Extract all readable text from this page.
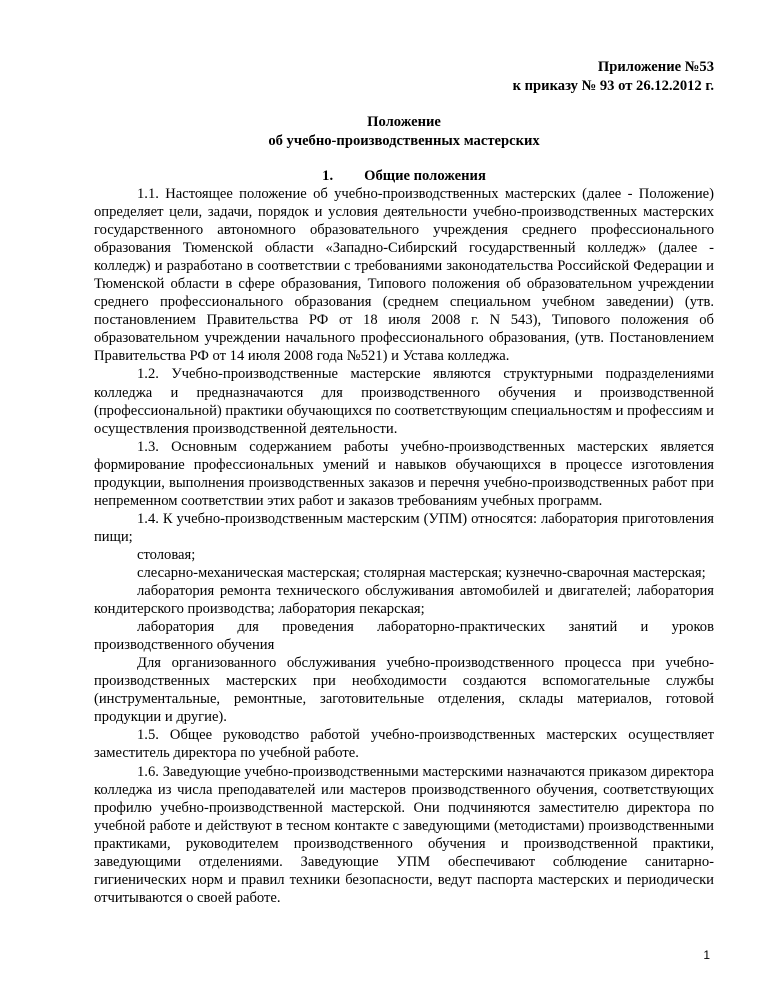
Приложение №53
к приказу № 93 от 26.12.2012 г.
Положение
об учебно-производственных мастерских
1. Общие положения

1.1. Настоящее положение об учебно-производственных мастерских (далее - Положение) определяет цели, задачи, порядок и условия деятельности учебно-производственных мастерских государственного автономного образовательного учреждения среднего профессионального образования Тюменской области «Западно-Сибирский государственный колледж» (далее - колледж) и разработано в соответствии с требованиями законодательства Российской Федерации и Тюменской области в сфере образования, Типового положения об образовательном учреждении среднего профессионального образования (среднем специальном учебном заведении) (утв. постановлением Правительства РФ от 18 июля 2008 г. N 543), Типового положения об образовательном учреждении начального профессионального образования, (утв. Постановлением Правительства РФ от 14 июля 2008 года №521) и Устава колледжа.

1.2. Учебно-производственные мастерские являются структурными подразделениями колледжа и предназначаются для производственного обучения и производственной (профессиональной) практики обучающихся по соответствующим специальностям и профессиям и осуществления производственной деятельности.

1.3. Основным содержанием работы учебно-производственных мастерских является формирование профессиональных умений и навыков обучающихся в процессе изготовления продукции, выполнения производственных заказов и перечня учебно-производственных работ при непременном соответствии этих работ и заказов требованиям учебных программ.

1.4. К учебно-производственным мастерским (УПМ) относятся: лаборатория приготовления пищи;

столовая;

слесарно-механическая мастерская; столярная мастерская; кузнечно-сварочная мастерская;

лаборатория ремонта технического обслуживания автомобилей и двигателей; лаборатория кондитерского производства; лаборатория пекарская;

лаборатория для проведения лабораторно-практических занятий и уроков производственного обучения

Для организованного обслуживания учебно-производственного процесса при учебно-производственных мастерских при необходимости создаются вспомогательные службы (инструментальные, ремонтные, заготовительные отделения, склады материалов, готовой продукции и другие).

1.5. Общее руководство работой учебно-производственных мастерских осуществляет заместитель директора по учебной работе.

1.6. Заведующие учебно-производственными мастерскими назначаются приказом директора колледжа из числа преподавателей или мастеров производственного обучения, соответствующих профилю учебно-производственной мастерской. Они подчиняются заместителю директора по учебной работе и действуют в тесном контакте с заведующими (методистами) производственными практиками, руководителем производственного обучения и производственной практики, заведующими отделениями. Заведующие УПМ обеспечивают соблюдение санитарно-гигиенических норм и правил техники безопасности, ведут паспорта мастерских и периодически отчитываются о своей работе.

1
